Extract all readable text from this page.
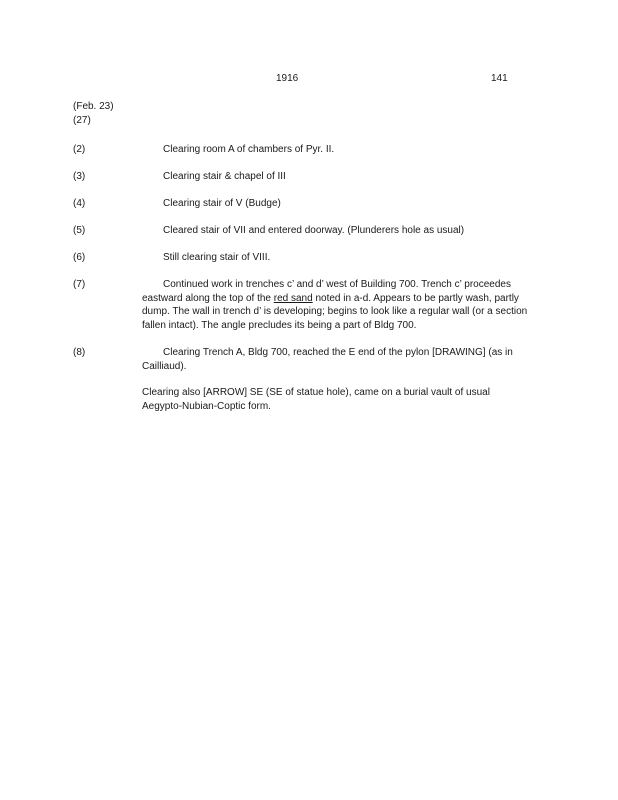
1916	141
(Feb. 23)
(27)
(2)	Clearing room A of chambers of Pyr. II.
(3)	Clearing stair & chapel of III
(4)	Clearing stair of V (Budge)
(5)	Cleared stair of VII and entered doorway. (Plunderers hole as usual)
(6)	Still clearing stair of VIII.
(7)	Continued work in trenches c’ and d’ west of Building 700. Trench c’ proceedes eastward along the top of the red sand noted in a-d. Appears to be partly wash, partly dump. The wall in trench d’ is developing; begins to look like a regular wall (or a section fallen intact). The angle precludes its being a part of Bldg 700.
(8)	Clearing Trench A, Bldg 700, reached the E end of the pylon [DRAWING] (as in Cailliaud).
Clearing also [ARROW] SE (SE of statue hole), came on a burial vault of usual Aegypto-Nubian-Coptic form.
